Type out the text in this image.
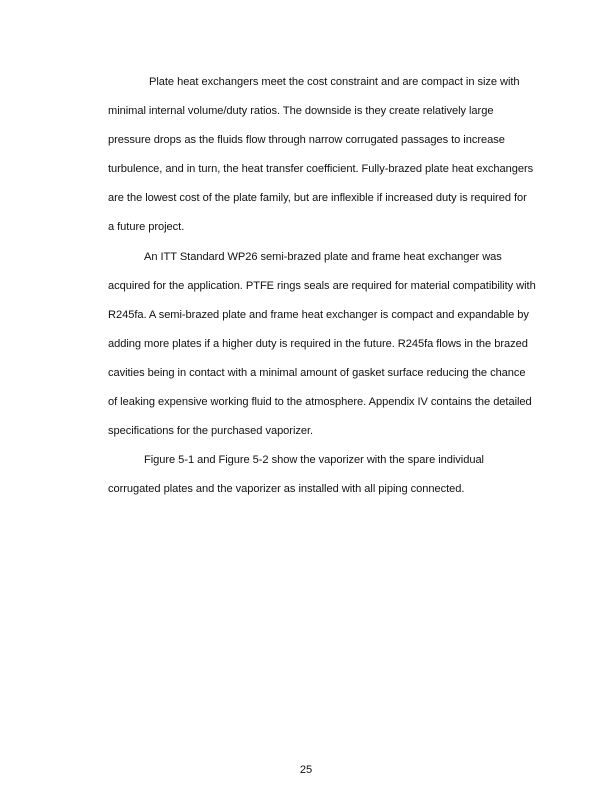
Plate heat exchangers meet the cost constraint and are compact in size with
minimal internal volume/duty ratios. The downside is they create relatively large
pressure drops as the fluids flow through narrow corrugated passages to increase
turbulence, and in turn, the heat transfer coefficient. Fully-brazed plate heat exchangers
are the lowest cost of the plate family, but are inflexible if increased duty is required for
a future project.

An ITT Standard WP26 semi-brazed plate and frame heat exchanger was
acquired for the application. PTFE rings seals are required for material compatibility with
R245fa. A semi-brazed plate and frame heat exchanger is compact and expandable by
adding more plates if a higher duty is required in the future. R245fa flows in the brazed
cavities being in contact with a minimal amount of gasket surface reducing the chance
of leaking expensive working fluid to the atmosphere. Appendix IV contains the detailed
specifications for the purchased vaporizer.

Figure 5-1 and Figure 5-2 show the vaporizer with the spare individual
corrugated plates and the vaporizer as installed with all piping connected.

25
